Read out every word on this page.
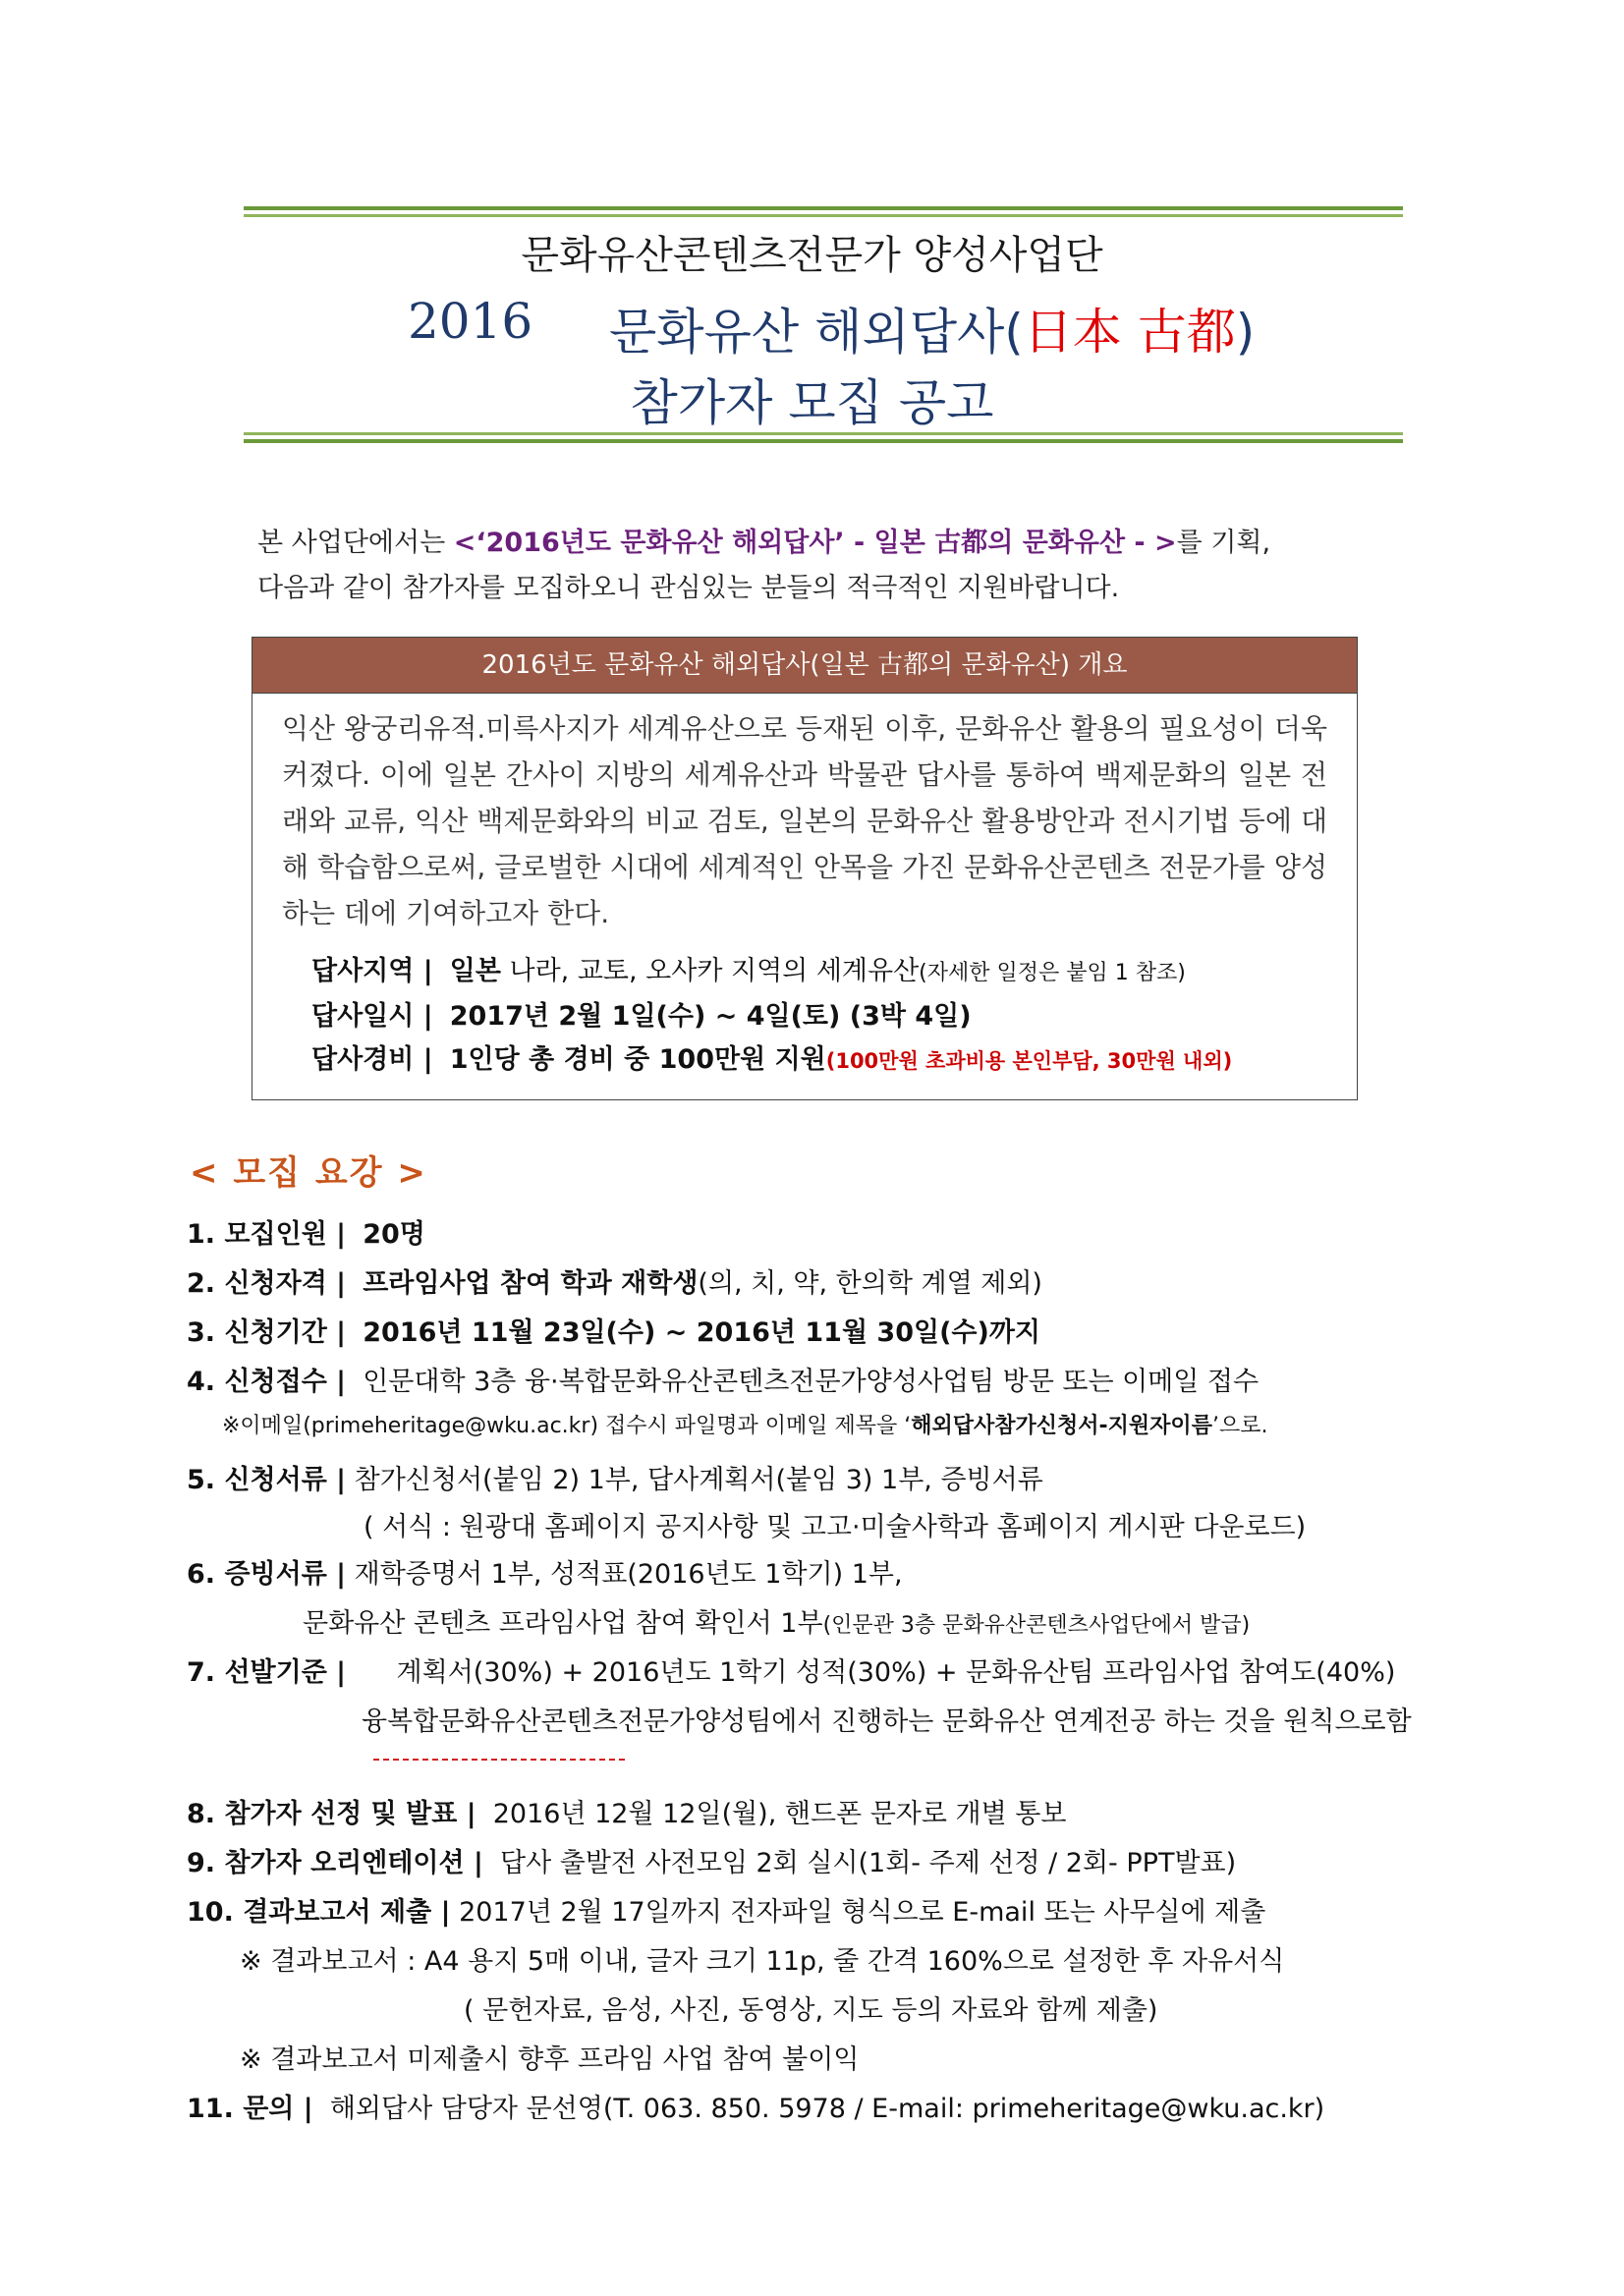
문화유산콘텐츠전문가 양성사업단
2016 문화유산 해외답사(日本 古都)
참가자 모집 공고
본 사업단에서는 <‘2016년도 문화유산 해외답사’ - 일본 古都의 문화유산 - >를 기획,
다음과 같이 참가자를 모집하오니 관심있는 분들의 적극적인 지원바랍니다.
2016년도 문화유산 해외답사(일본 古都의 문화유산) 개요
익산 왕궁리유적.미륵사지가 세계유산으로 등재된 이후, 문화유산 활용의 필요성이 더욱 커졌다. 이에 일본 간사이 지방의 세계유산과 박물관 답사를 통하여 백제문화의 일본 전래와 교류, 익산 백제문화와의 비교 검토, 일본의 문화유산 활용방안과 전시기법 등에 대해 학습함으로써, 글로벌한 시대에 세계적인 안목을 가진 문화유산콘텐츠 전문가를 양성하는 데에 기여하고자 한다.
답사지역 | 일본 나라, 교토, 오사카 지역의 세계유산(자세한 일정은 붙임 1 참조)
답사일시 | 2017년 2월 1일(수) ~ 4일(토) (3박 4일)
답사경비 | 1인당 총 경비 중 100만원 지원(100만원 초과비용 본인부담, 30만원 내외)
< 모집 요강 >
1. 모집인원 | 20명
2. 신청자격 | 프라임사업 참여 학과 재학생(의, 치, 약, 한의학 계열 제외)
3. 신청기간 | 2016년 11월 23일(수) ~ 2016년 11월 30일(수)까지
4. 신청접수 | 인문대학 3층 융·복합문화유산콘텐츠전문가양성사업팀 방문 또는 이메일 접수
※이메일(primeheritage@wku.ac.kr) 접수시 파일명과 이메일 제목을 ‘해외답사참가신청서-지원자이름’으로.
5. 신청서류 | 참가신청서(붙임 2) 1부, 답사계획서(붙임 3) 1부, 증빙서류
( 서식 : 원광대 홈페이지 공지사항 및 고고·미술사학과 홈페이지 게시판 다운로드)
6. 증빙서류 | 재학증명서 1부, 성적표(2016년도 1학기) 1부,
문화유산 콘텐츠 프라임사업 참여 확인서 1부(인문관 3층 문화유산콘텐츠사업단에서 발급)
7. 선발기준 | 계획서(30%) + 2016년도 1학기 성적(30%) + 문화유산팀 프라임사업 참여도(40%)
융복합문화유산콘텐츠전문가양성팀에서 진행하는 문화유산 연계전공 하는 것을 원칙으로함
8. 참가자 선정 및 발표 | 2016년 12월 12일(월), 핸드폰 문자로 개별 통보
9. 참가자 오리엔테이션 | 답사 출발전 사전모임 2회 실시(1회- 주제 선정 / 2회- PPT발표)
10. 결과보고서 제출 | 2017년 2월 17일까지 전자파일 형식으로 E-mail 또는 사무실에 제출
※ 결과보고서 : A4 용지 5매 이내, 글자 크기 11p, 줄 간격 160%으로 설정한 후 자유서식
( 문헌자료, 음성, 사진, 동영상, 지도 등의 자료와 함께 제출)
※ 결과보고서 미제출시 향후 프라임 사업 참여 불이익
11. 문의 | 해외답사 담당자 문선영(T. 063. 850. 5978 / E-mail: primeheritage@wku.ac.kr)
